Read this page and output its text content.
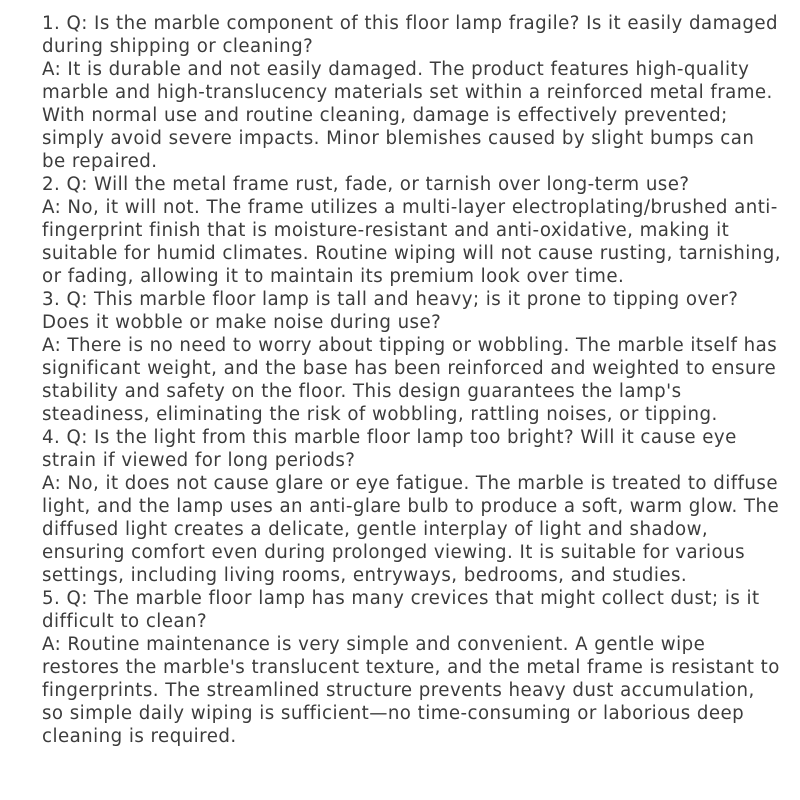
1. Q: Is the marble component of this floor lamp fragile? Is it easily damaged during shipping or cleaning?

A: It is durable and not easily damaged. The product features high-quality marble and high-translucency materials set within a reinforced metal frame. With normal use and routine cleaning, damage is effectively prevented; simply avoid severe impacts. Minor blemishes caused by slight bumps can be repaired.

2. Q: Will the metal frame rust, fade, or tarnish over long-term use?

A: No, it will not. The frame utilizes a multi-layer electroplating/brushed anti-fingerprint finish that is moisture-resistant and anti-oxidative, making it suitable for humid climates. Routine wiping will not cause rusting, tarnishing, or fading, allowing it to maintain its premium look over time.

3. Q: This marble floor lamp is tall and heavy; is it prone to tipping over? Does it wobble or make noise during use?

A: There is no need to worry about tipping or wobbling. The marble itself has significant weight, and the base has been reinforced and weighted to ensure stability and safety on the floor. This design guarantees the lamp's steadiness, eliminating the risk of wobbling, rattling noises, or tipping.

4. Q: Is the light from this marble floor lamp too bright? Will it cause eye strain if viewed for long periods?

A: No, it does not cause glare or eye fatigue. The marble is treated to diffuse light, and the lamp uses an anti-glare bulb to produce a soft, warm glow. The diffused light creates a delicate, gentle interplay of light and shadow, ensuring comfort even during prolonged viewing. It is suitable for various settings, including living rooms, entryways, bedrooms, and studies.

5. Q: The marble floor lamp has many crevices that might collect dust; is it difficult to clean?

A: Routine maintenance is very simple and convenient. A gentle wipe restores the marble's translucent texture, and the metal frame is resistant to fingerprints. The streamlined structure prevents heavy dust accumulation, so simple daily wiping is sufficient—no time-consuming or laborious deep cleaning is required.
